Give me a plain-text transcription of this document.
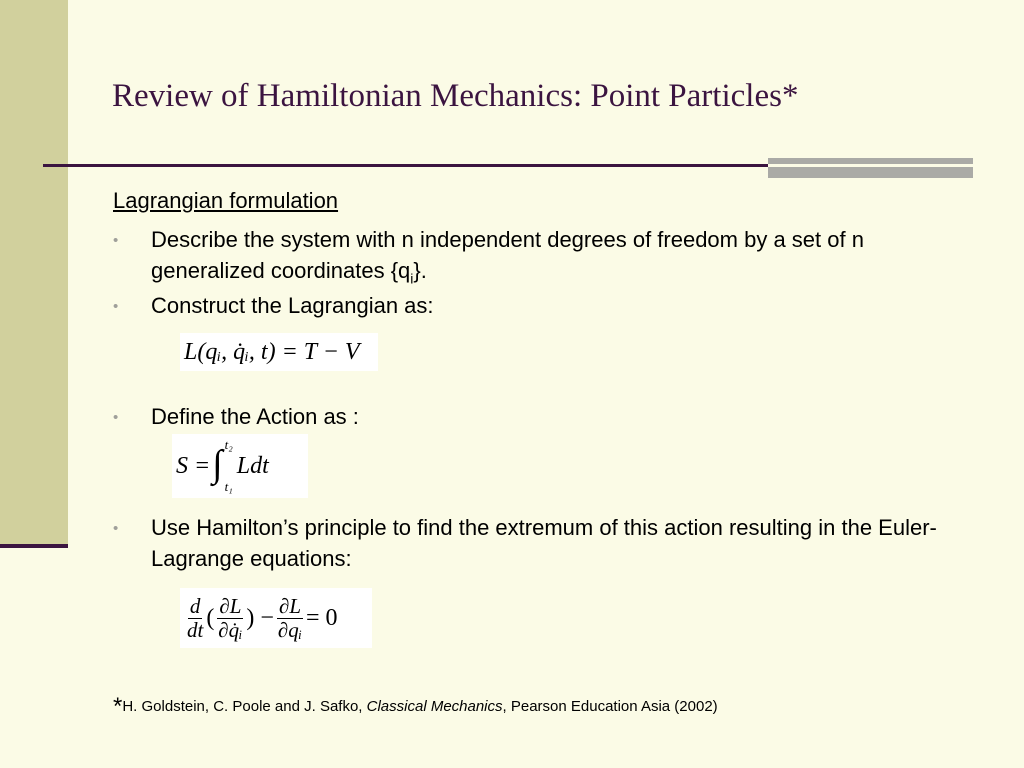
Review of Hamiltonian Mechanics: Point Particles*
Lagrangian formulation
• Describe the system with n independent degrees of freedom by a set of n generalized coordinates $\{q_i\}$.
• Construct the Lagrangian as:
L(qᵢ, q̇ᵢ, t) = T − V
• Define the Action as :
S = ∫ t₂
t₁
Ldt
• Use Hamilton’s principle to find the extremum of this action resulting in the Euler-Lagrange equations:
$\frac{d}{dt}$ ( $\frac{\partial L}{\text{∂q̇ᵢ}}$ ) − $\frac{\partial L}{\text{∂qᵢ}} = 0$
*H. Goldstein, C. Poole and J. Safko, Classical Mechanics, Pearson Education Asia (2002)
